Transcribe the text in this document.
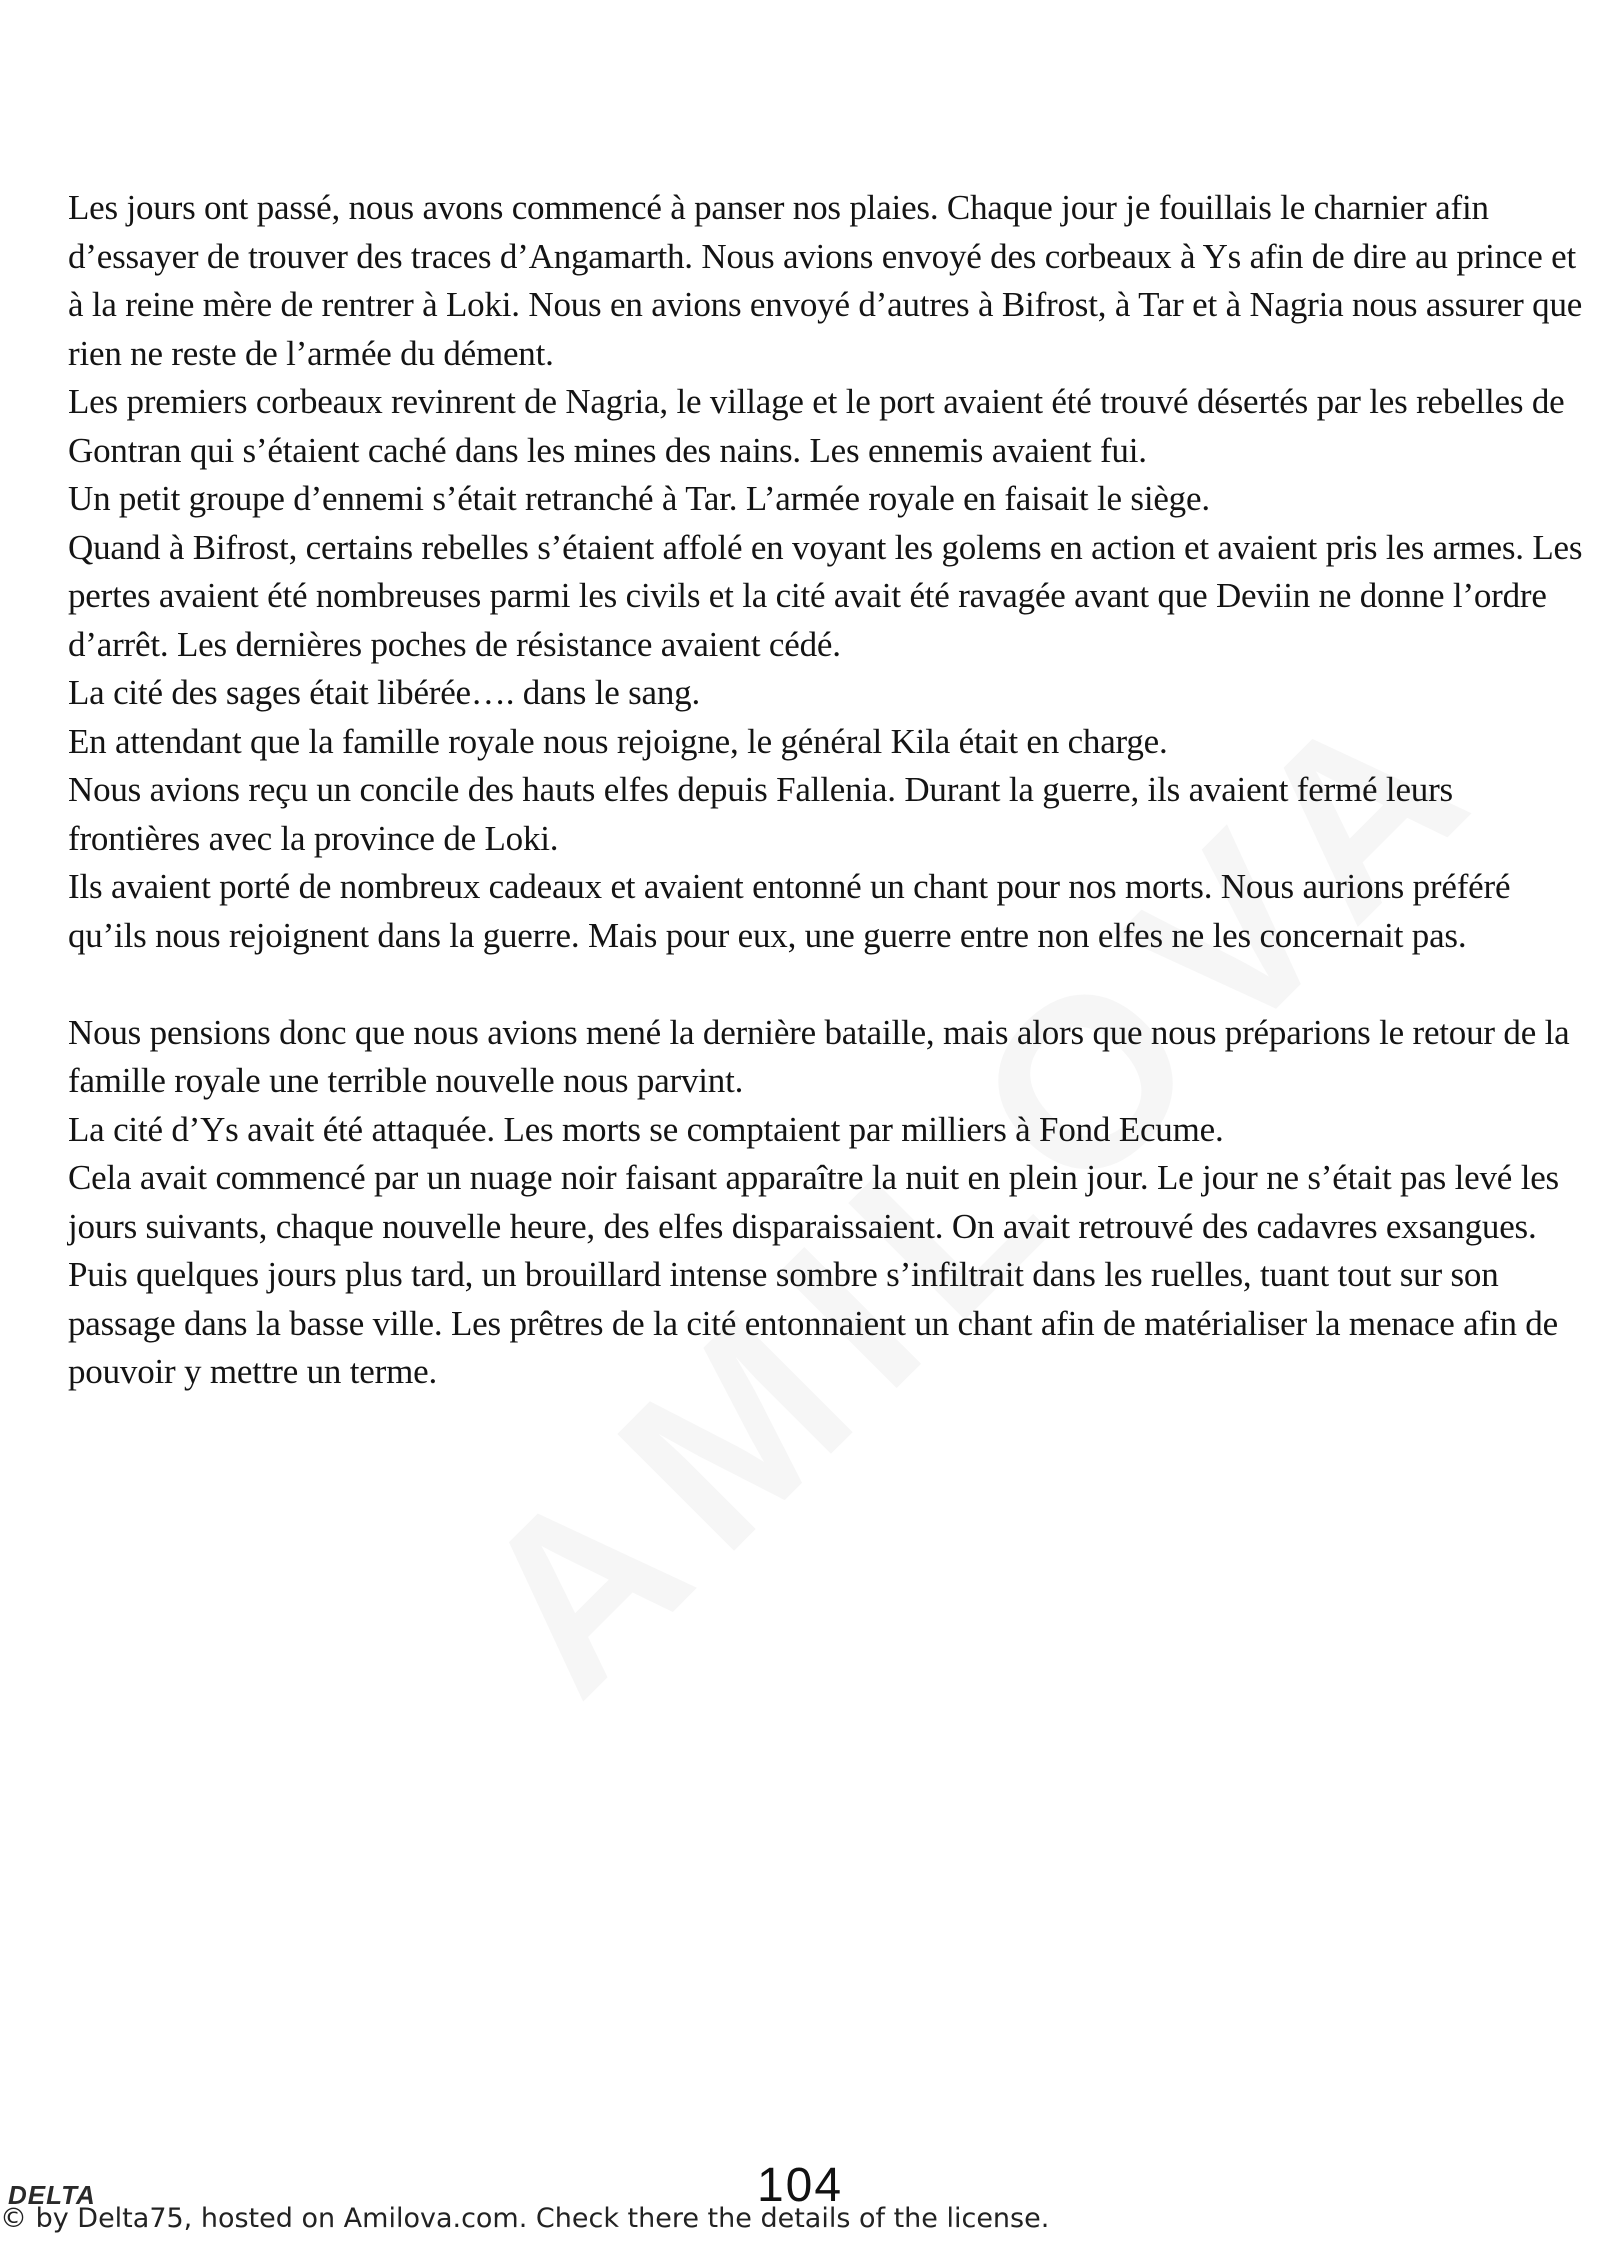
Les jours ont passé, nous avons commencé à panser nos plaies. Chaque jour je fouillais le charnier afin d’essayer de trouver des traces d’Angamarth. Nous avions envoyé des corbeaux à Ys afin de dire au prince et à la reine mère de rentrer à Loki. Nous en avions envoyé d’autres à Bifrost, à Tar et à Nagria nous assurer que rien ne reste de l’armée du dément.

Les premiers corbeaux revinrent de Nagria, le village et le port avaient été trouvé désertés par les rebelles de Gontran qui s’étaient caché dans les mines des nains. Les ennemis avaient fui.

Un petit groupe d’ennemi s’était retranché à Tar. L’armée royale en faisait le siège.

Quand à Bifrost, certains rebelles s’étaient affolé en voyant les golems en action et avaient pris les armes. Les pertes avaient été nombreuses parmi les civils et la cité avait été ravagée avant que Deviin ne donne l’ordre d’arrêt. Les dernières poches de résistance avaient cédé.

La cité des sages était libérée…. dans le sang.

En attendant que la famille royale nous rejoigne, le général Kila était en charge.

Nous avions reçu un concile des hauts elfes depuis Fallenia. Durant la guerre, ils avaient fermé leurs frontières avec la province de Loki.

Ils avaient porté de nombreux cadeaux et avaient entonné un chant pour nos morts. Nous aurions préféré qu’ils nous rejoignent dans la guerre. Mais pour eux, une guerre entre non elfes ne les concernait pas.

Nous pensions donc que nous avions mené la dernière bataille, mais alors que nous préparions le retour de la famille royale une terrible nouvelle nous parvint.

La cité d’Ys avait été attaquée. Les morts se comptaient par milliers à Fond Ecume.

Cela avait commencé par un nuage noir faisant apparaître la nuit en plein jour. Le jour ne s’était pas levé les jours suivants, chaque nouvelle heure, des elfes disparaissaient. On avait retrouvé des cadavres exsangues. Puis quelques jours plus tard, un brouillard intense sombre s’infiltrait dans les ruelles, tuant tout sur son passage dans la basse ville. Les prêtres de la cité entonnaient un chant afin de matérialiser la menace afin de pouvoir y mettre un terme.

DELTA	104
© by Delta75, hosted on Amilova.com. Check there the details of the license.
